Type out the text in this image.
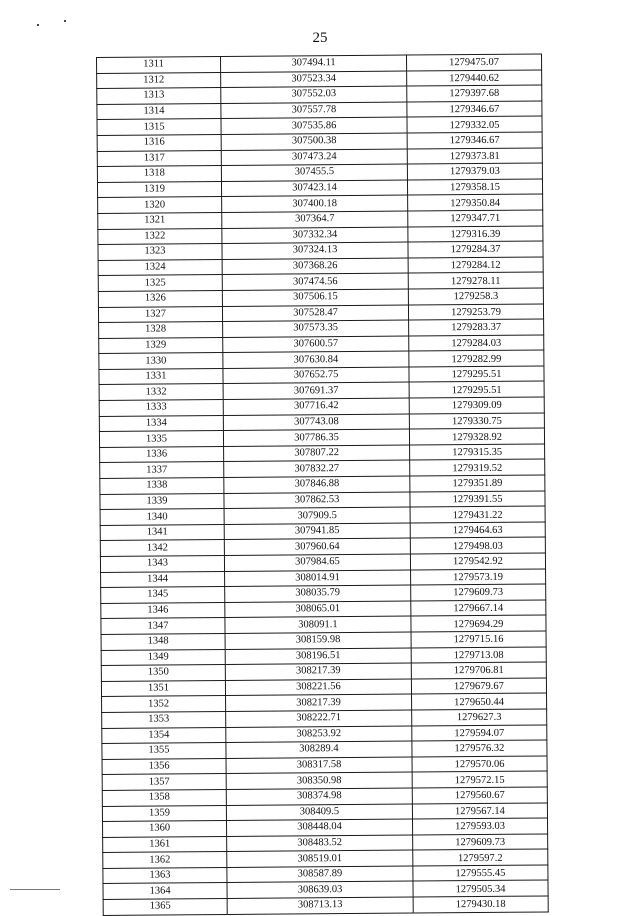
25
1311	307494.11	1279475.07
1312	307523.34	1279440.62
1313	307552.03	1279397.68
1314	307557.78	1279346.67
1315	307535.86	1279332.05
1316	307500.38	1279346.67
1317	307473.24	1279373.81
1318	307455.5	1279379.03
1319	307423.14	1279358.15
1320	307400.18	1279350.84
1321	307364.7	1279347.71
1322	307332.34	1279316.39
1323	307324.13	1279284.37
1324	307368.26	1279284.12
1325	307474.56	1279278.11
1326	307506.15	1279258.3
1327	307528.47	1279253.79
1328	307573.35	1279283.37
1329	307600.57	1279284.03
1330	307630.84	1279282.99
1331	307652.75	1279295.51
1332	307691.37	1279295.51
1333	307716.42	1279309.09
1334	307743.08	1279330.75
1335	307786.35	1279328.92
1336	307807.22	1279315.35
1337	307832.27	1279319.52
1338	307846.88	1279351.89
1339	307862.53	1279391.55
1340	307909.5	1279431.22
1341	307941.85	1279464.63
1342	307960.64	1279498.03
1343	307984.65	1279542.92
1344	308014.91	1279573.19
1345	308035.79	1279609.73
1346	308065.01	1279667.14
1347	308091.1	1279694.29
1348	308159.98	1279715.16
1349	308196.51	1279713.08
1350	308217.39	1279706.81
1351	308221.56	1279679.67
1352	308217.39	1279650.44
1353	308222.71	1279627.3
1354	308253.92	1279594.07
1355	308289.4	1279576.32
1356	308317.58	1279570.06
1357	308350.98	1279572.15
1358	308374.98	1279560.67
1359	308409.5	1279567.14
1360	308448.04	1279593.03
1361	308483.52	1279609.73
1362	308519.01	1279597.2
1363	308587.89	1279555.45
1364	308639.03	1279505.34
1365	308713.13	1279430.18
